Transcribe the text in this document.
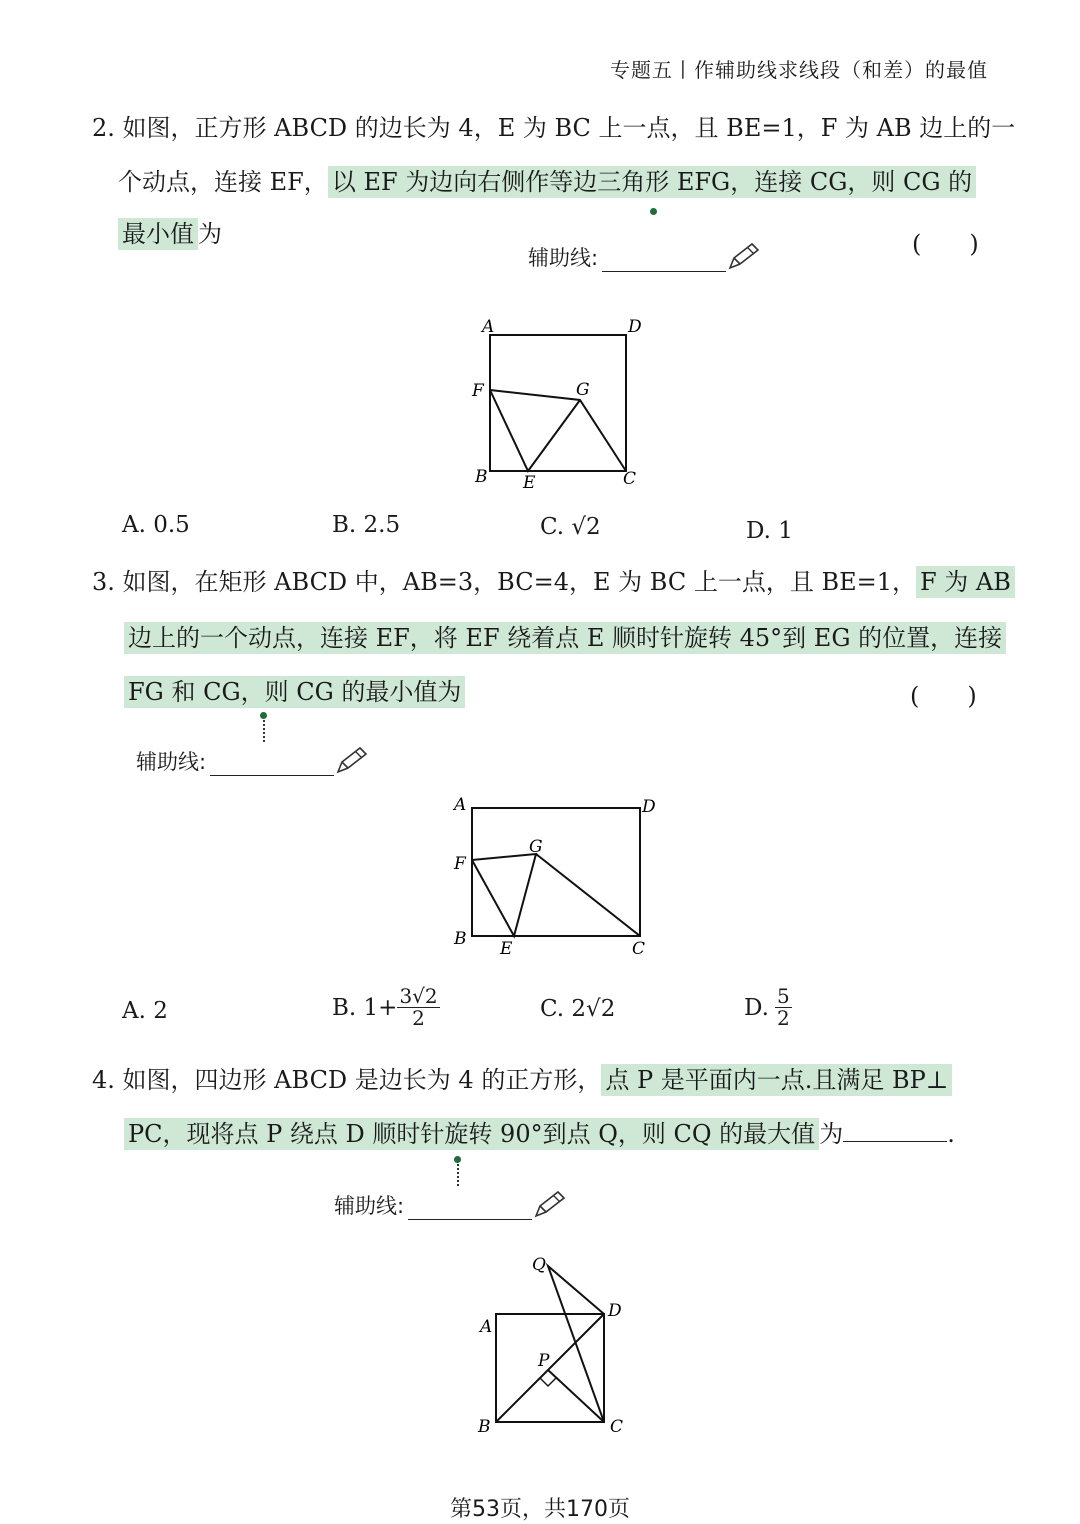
专题五丨作辅助线求线段（和差）的最值
2. 如图，正方形 ABCD 的边长为 4，E 为 BC 上一点，且 BE=1，F 为 AB 边上的一
个动点，连接 EF， 以 EF 为边向右侧作等边三角形 EFG，连接 CG，则 CG 的
最小值 为	(　　)
辅助线:
A	D
F	G
B E	C
A. 0.5	B. 2.5	C. √2	D. 1
3. 如图，在矩形 ABCD 中，AB=3，BC=4，E 为 BC 上一点，且 BE=1， F 为 AB
边上的一个动点，连接 EF，将 EF 绕着点 E 顺时针旋转 45°到 EG 的位置，连接
FG 和 CG，则 CG 的最小值为	(　　)
辅助线:
A	D
F
G
B E	C
A. 2	B. $1+ \frac{3√2}{2}$	C. 2√2	D. $\frac{5}{2}$
4. 如图，四边形 ABCD 是边长为 4 的正方形， 点 P 是平面内一点.且满足 BP⊥
PC，现将点 P 绕点 D 顺时针旋转 90°到点 Q，则 CQ 的最大值 为	.
辅助线:
A
D
P
Q
B	C
第53页，共170页
